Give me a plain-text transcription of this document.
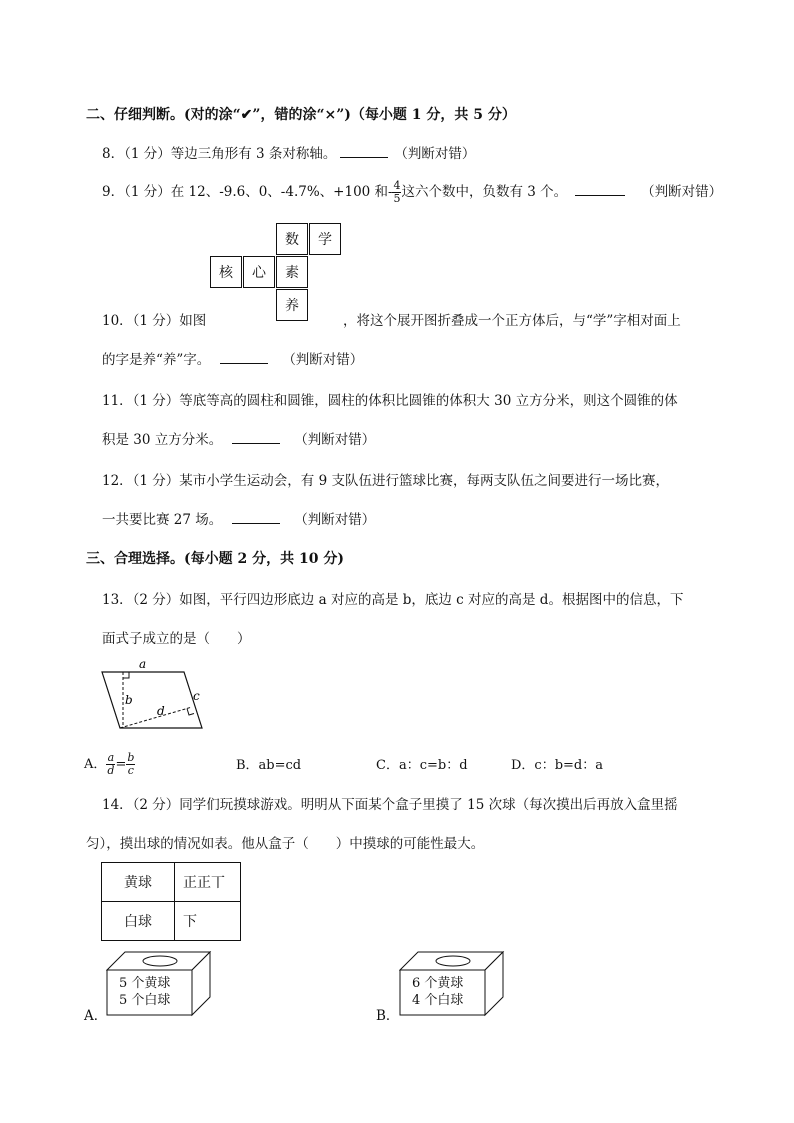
二、仔细判断。(对的涂“✔”，错的涂“×”)（每小题 1 分，共 5 分）
8．（1 分）等边三角形有 3 条对称轴。	（判断对错）
9．（1 分）在 12、-9.6、0、-4.7%、+100 和- $\frac{4}{5}$ 这六个数中，负数有 3 个。	（判断对错）
数	学
核	心	素
养
10．（1 分）如图	，将这个展开图折叠成一个正方体后，与“学”字相对面上
的字是养“养”字。	（判断对错）
11．（1 分）等底等高的圆柱和圆锥，圆柱的体积比圆锥的体积大 30 立方分米，则这个圆锥的体
积是 30 立方分米。	（判断对错）
12．（1 分）某市小学生运动会，有 9 支队伍进行篮球比赛，每两支队伍之间要进行一场比赛，
一共要比赛 27 场。	（判断对错）
三、合理选择。(每小题 2 分，共 10 分)
13．（2 分）如图，平行四边形底边 a 对应的高是 b，底边 c 对应的高是 d。根据图中的信息，下
面式子成立的是（　　）
a
b	c
d
A． $\frac{a}{d} = \frac{b}{c}$	B．ab=cd	C．a：c=b：d	D．c：b=d：a
14．（2 分）同学们玩摸球游戏。明明从下面某个盒子里摸了 15 次球（每次摸出后再放入盒里摇
匀），摸出球的情况如表。他从盒子（　　）中摸球的可能性最大。
黄球	正正丅
白球	下
A．
5 个黄球
5 个白球
B．
6 个黄球
4 个白球
